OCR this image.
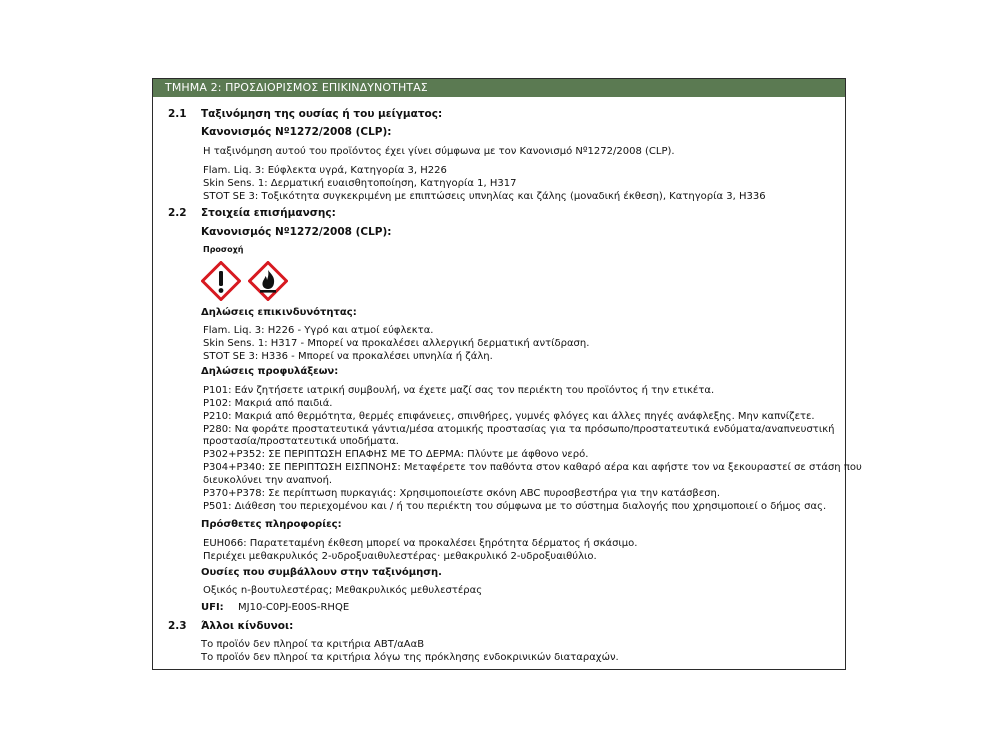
ΤΜΗΜΑ 2: ΠΡΟΣΔΙΟΡΙΣΜΟΣ ΕΠΙΚΙΝΔΥΝΟΤΗΤΑΣ
2.1 Ταξινόμηση της ουσίας ή του μείγματος:
Κανονισμός Nº1272/2008 (CLP):
Η ταξινόμηση αυτού του προϊόντος έχει γίνει σύμφωνα με τον Κανονισμό Nº1272/2008 (CLP).
Flam. Liq. 3: Εύφλεκτα υγρά, Κατηγορία 3, H226
Skin Sens. 1: Δερματική ευαισθητοποίηση, Κατηγορία 1, H317
STOT SE 3: Τοξικότητα συγκεκριμένη με επιπτώσεις υπνηλίας και ζάλης (μοναδική έκθεση), Κατηγορία 3, H336
2.2 Στοιχεία επισήμανσης:
Κανονισμός Nº1272/2008 (CLP):
Προσοχή
Δηλώσεις επικινδυνότητας:
Flam. Liq. 3: H226 - Υγρό και ατμοί εύφλεκτα.
Skin Sens. 1: H317 - Μπορεί να προκαλέσει αλλεργική δερματική αντίδραση.
STOT SE 3: H336 - Μπορεί να προκαλέσει υπνηλία ή ζάλη.
Δηλώσεις προφυλάξεων:
P101: Εάν ζητήσετε ιατρική συμβουλή, να έχετε μαζί σας τον περιέκτη του προϊόντος ή την ετικέτα.
P102: Μακριά από παιδιά.
P210: Μακριά από θερμότητα, θερμές επιφάνειες, σπινθήρες, γυμνές φλόγες και άλλες πηγές ανάφλεξης. Μην καπνίζετε.
P280: Να φοράτε προστατευτικά γάντια/μέσα ατομικής προστασίας για τα πρόσωπο/προστατευτικά ενδύματα/αναπνευστική
προστασία/προστατευτικά υποδήματα.
P302+P352: ΣΕ ΠΕΡΙΠΤΩΣΗ ΕΠΑΦΗΣ ΜΕ ΤΟ ΔΕΡΜΑ: Πλύντε με άφθονο νερό.
P304+P340: ΣΕ ΠΕΡΙΠΤΩΣΗ ΕΙΣΠΝΟΗΣ: Μεταφέρετε τον παθόντα στον καθαρό αέρα και αφήστε τον να ξεκουραστεί σε στάση που
διευκολύνει την αναπνοή.
P370+P378: Σε περίπτωση πυρκαγιάς: Χρησιμοποιείστε σκόνη ABC πυροσβεστήρα για την κατάσβεση.
P501: Διάθεση του περιεχομένου και / ή του περιέκτη του σύμφωνα με το σύστημα διαλογής που χρησιμοποιεί ο δήμος σας.
Πρόσθετες πληροφορίες:
EUH066: Παρατεταμένη έκθεση μπορεί να προκαλέσει ξηρότητα δέρματος ή σκάσιμο.
Περιέχει μεθακρυλικός 2-υδροξυαιθυλεστέρας· μεθακρυλικό 2-υδροξυαιθύλιο.
Ουσίες που συμβάλλουν στην ταξινόμηση.
Οξικός n-βουτυλεστέρας; Μεθακρυλικός μεθυλεστέρας
UFI: MJ10-C0PJ-E00S-RHQE
2.3 Άλλοι κίνδυνοι:
Το προϊόν δεν πληροί τα κριτήρια ABT/αΑαB
Το προϊόν δεν πληροί τα κριτήρια λόγω της πρόκλησης ενδοκρινικών διαταραχών.
